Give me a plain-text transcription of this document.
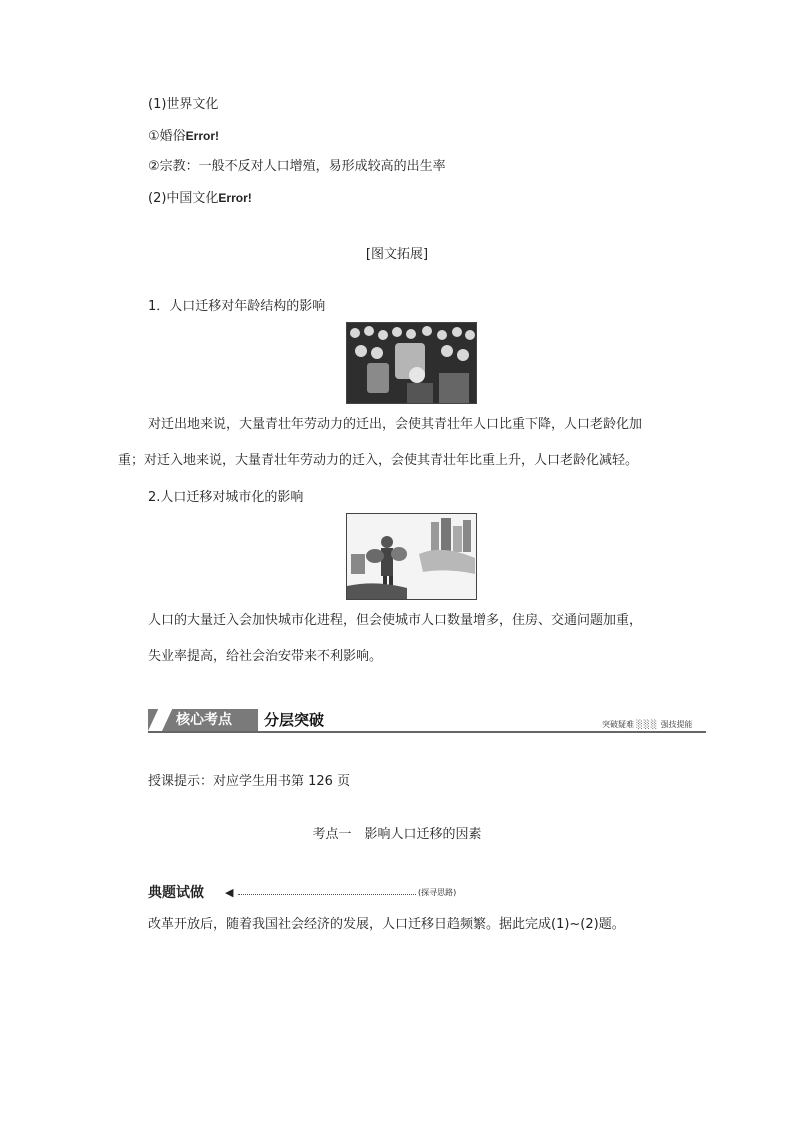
(1)世界文化
①婚俗Error!
②宗教：一般不反对人口增殖，易形成较高的出生率
(2)中国文化Error!
[图文拓展]
1．人口迁移对年龄结构的影响
对迁出地来说，大量青壮年劳动力的迁出，会使其青壮年人口比重下降，人口老龄化加
重；对迁入地来说，大量青壮年劳动力的迁入，会使其青壮年比重上升，人口老龄化减轻。
2.人口迁移对城市化的影响
人口的大量迁入会加快城市化进程，但会使城市人口数量增多，住房、交通问题加重，
失业率提高，给社会治安带来不利影响。
核心考点	分层突破	突破疑难 ░░░ 强技提能
授课提示：对应学生用书第 126 页
考点一　影响人口迁移的因素
典题试做 ◀	(探寻思路)
改革开放后，随着我国社会经济的发展，人口迁移日趋频繁。据此完成(1)~(2)题。
